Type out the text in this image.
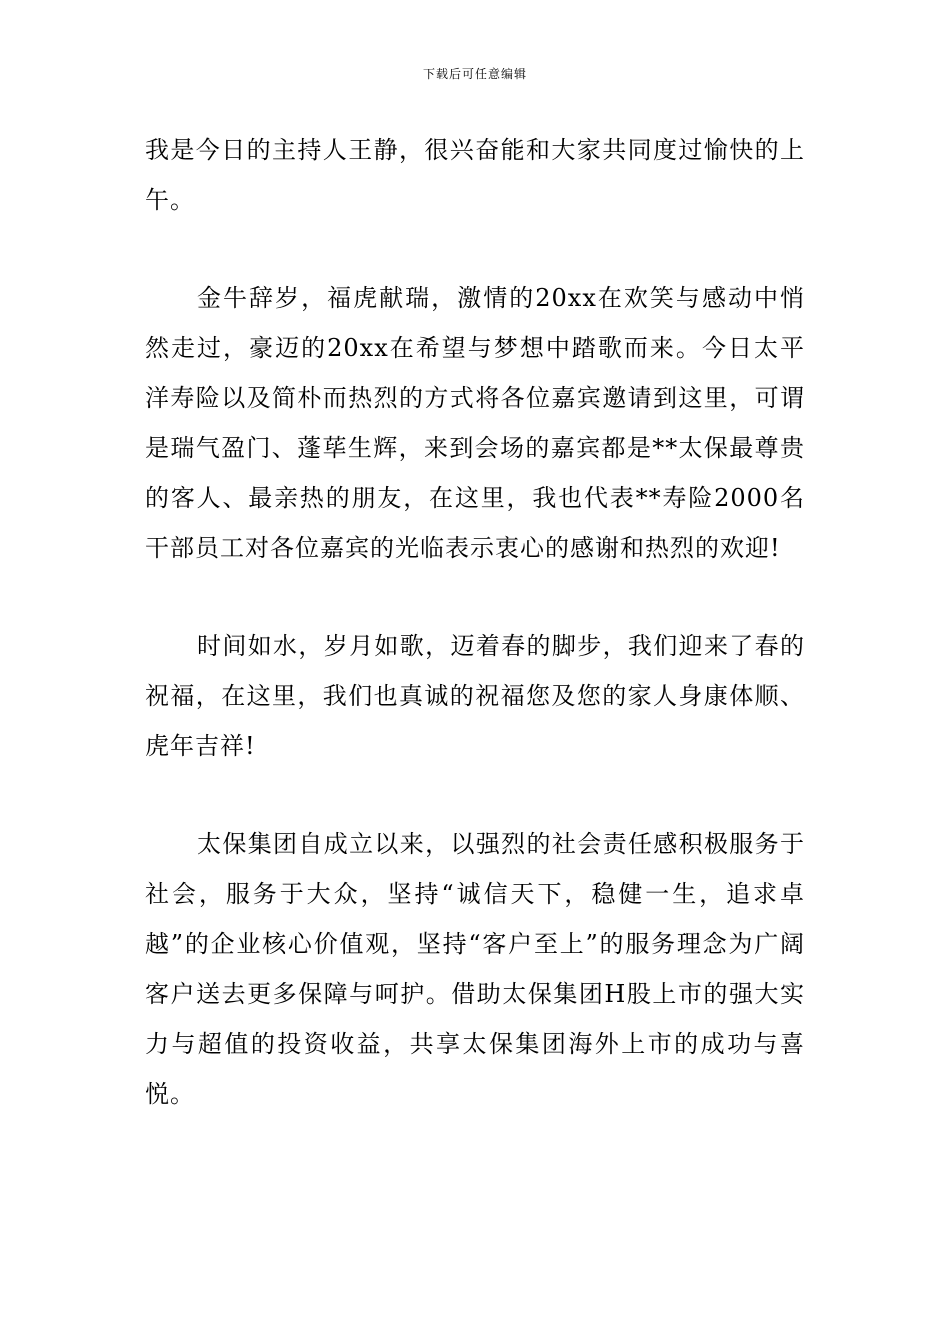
下载后可任意编辑

我是今日的主持人王静，很兴奋能和大家共同度过愉快的上午。

金牛辞岁，福虎献瑞，激情的20xx在欢笑与感动中悄然走过，豪迈的20xx在希望与梦想中踏歌而来。今日太平洋寿险以及简朴而热烈的方式将各位嘉宾邀请到这里，可谓是瑞气盈门、蓬荜生辉，来到会场的嘉宾都是**太保最尊贵的客人、最亲热的朋友，在这里，我也代表**寿险2000名干部员工对各位嘉宾的光临表示衷心的感谢和热烈的欢迎!

时间如水，岁月如歌，迈着春的脚步，我们迎来了春的祝福，在这里，我们也真诚的祝福您及您的家人身康体顺、虎年吉祥!

太保集团自成立以来，以强烈的社会责任感积极服务于社会，服务于大众，坚持“诚信天下，稳健一生，追求卓越”的企业核心价值观，坚持“客户至上”的服务理念为广阔客户送去更多保障与呵护。借助太保集团H股上市的强大实力与超值的投资收益，共享太保集团海外上市的成功与喜悦。
